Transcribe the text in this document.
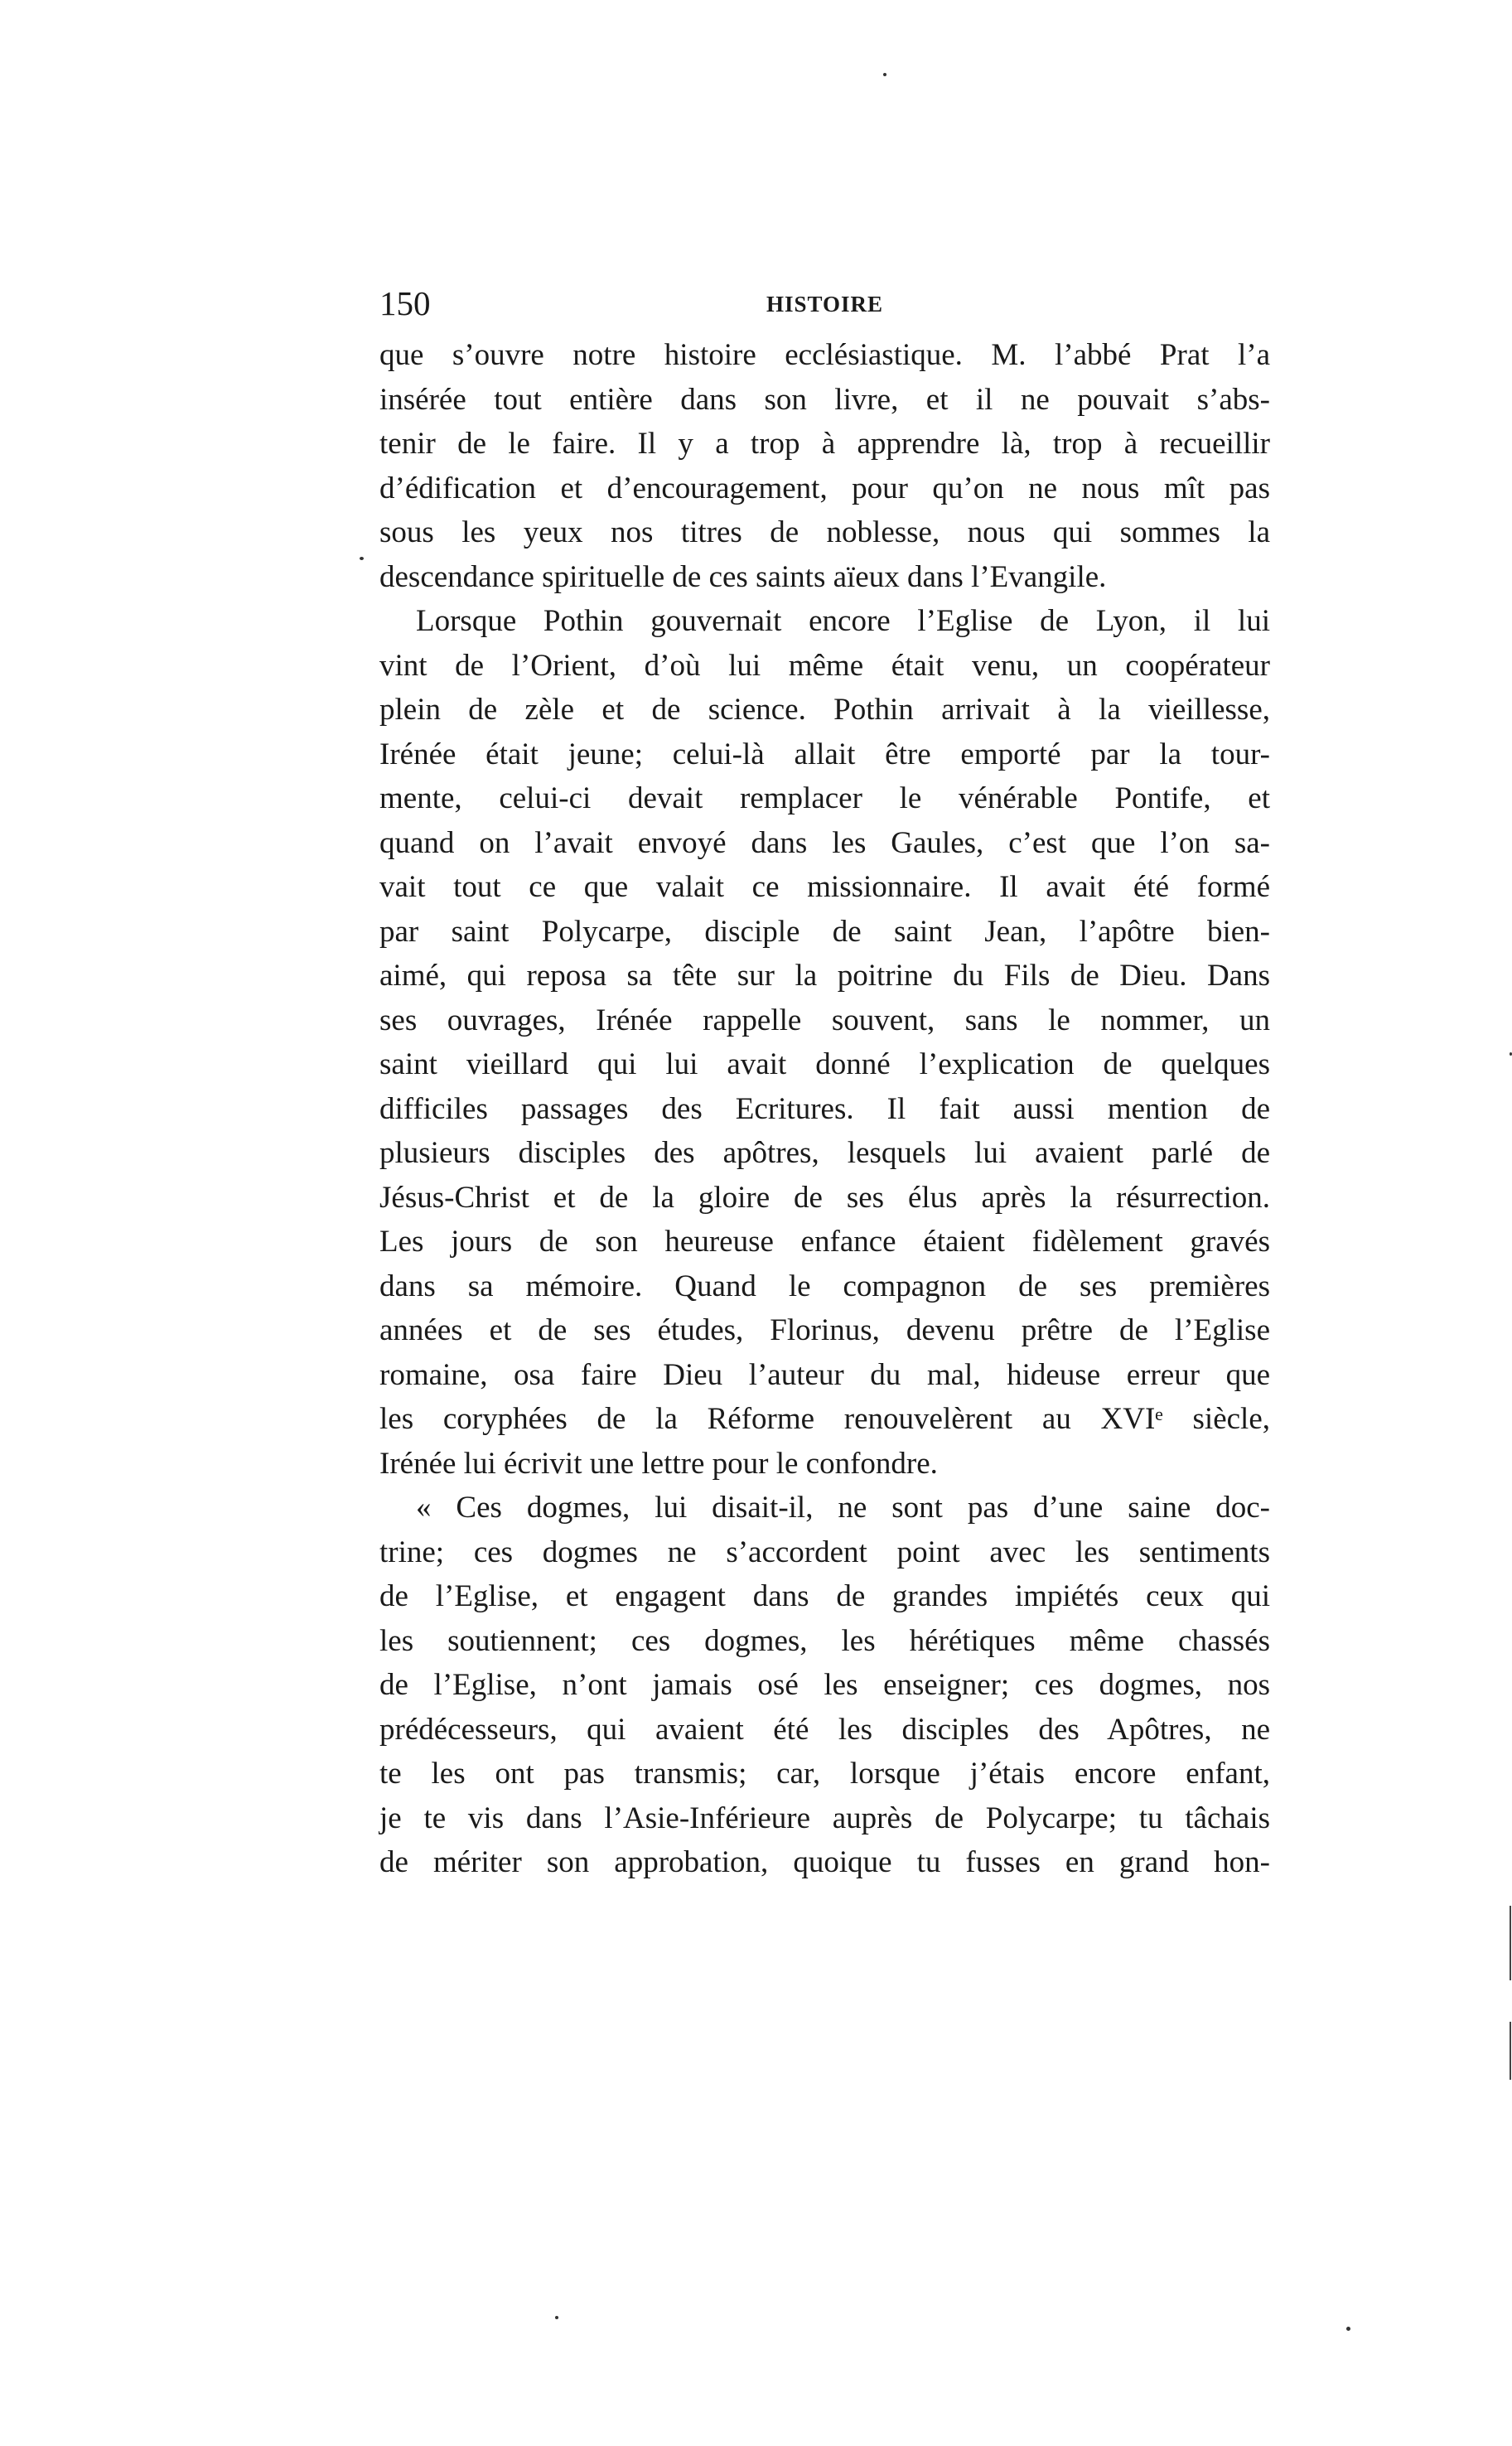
150	HISTOIRE
que s’ouvre notre histoire ecclésiastique. M. l’abbé Prat l’a
insérée tout entière dans son livre, et il ne pouvait s’abs-
tenir de le faire. Il y a trop à apprendre là, trop à recueillir
d’édification et d’encouragement, pour qu’on ne nous mît pas
sous les yeux nos titres de noblesse, nous qui sommes la
descendance spirituelle de ces saints aïeux dans l’Evangile.
Lorsque Pothin gouvernait encore l’Eglise de Lyon, il lui
vint de l’Orient, d’où lui même était venu, un coopérateur
plein de zèle et de science. Pothin arrivait à la vieillesse,
Irénée était jeune; celui-là allait être emporté par la tour-
mente, celui-ci devait remplacer le vénérable Pontife, et
quand on l’avait envoyé dans les Gaules, c’est que l’on sa-
vait tout ce que valait ce missionnaire. Il avait été formé
par saint Polycarpe, disciple de saint Jean, l’apôtre bien-
aimé, qui reposa sa tête sur la poitrine du Fils de Dieu. Dans
ses ouvrages, Irénée rappelle souvent, sans le nommer, un
saint vieillard qui lui avait donné l’explication de quelques
difficiles passages des Ecritures. Il fait aussi mention de
plusieurs disciples des apôtres, lesquels lui avaient parlé de
Jésus-Christ et de la gloire de ses élus après la résurrection.
Les jours de son heureuse enfance étaient fidèlement gravés
dans sa mémoire. Quand le compagnon de ses premières
années et de ses études, Florinus, devenu prêtre de l’Eglise
romaine, osa faire Dieu l’auteur du mal, hideuse erreur que
les coryphées de la Réforme renouvelèrent au XVIᵉ siècle,
Irénée lui écrivit une lettre pour le confondre.
« Ces dogmes, lui disait-il, ne sont pas d’une saine doc-
trine; ces dogmes ne s’accordent point avec les sentiments
de l’Eglise, et engagent dans de grandes impiétés ceux qui
les soutiennent; ces dogmes, les hérétiques même chassés
de l’Eglise, n’ont jamais osé les enseigner; ces dogmes, nos
prédécesseurs, qui avaient été les disciples des Apôtres, ne
te les ont pas transmis; car, lorsque j’étais encore enfant,
je te vis dans l’Asie-Inférieure auprès de Polycarpe; tu tâchais
de mériter son approbation, quoique tu fusses en grand hon-
